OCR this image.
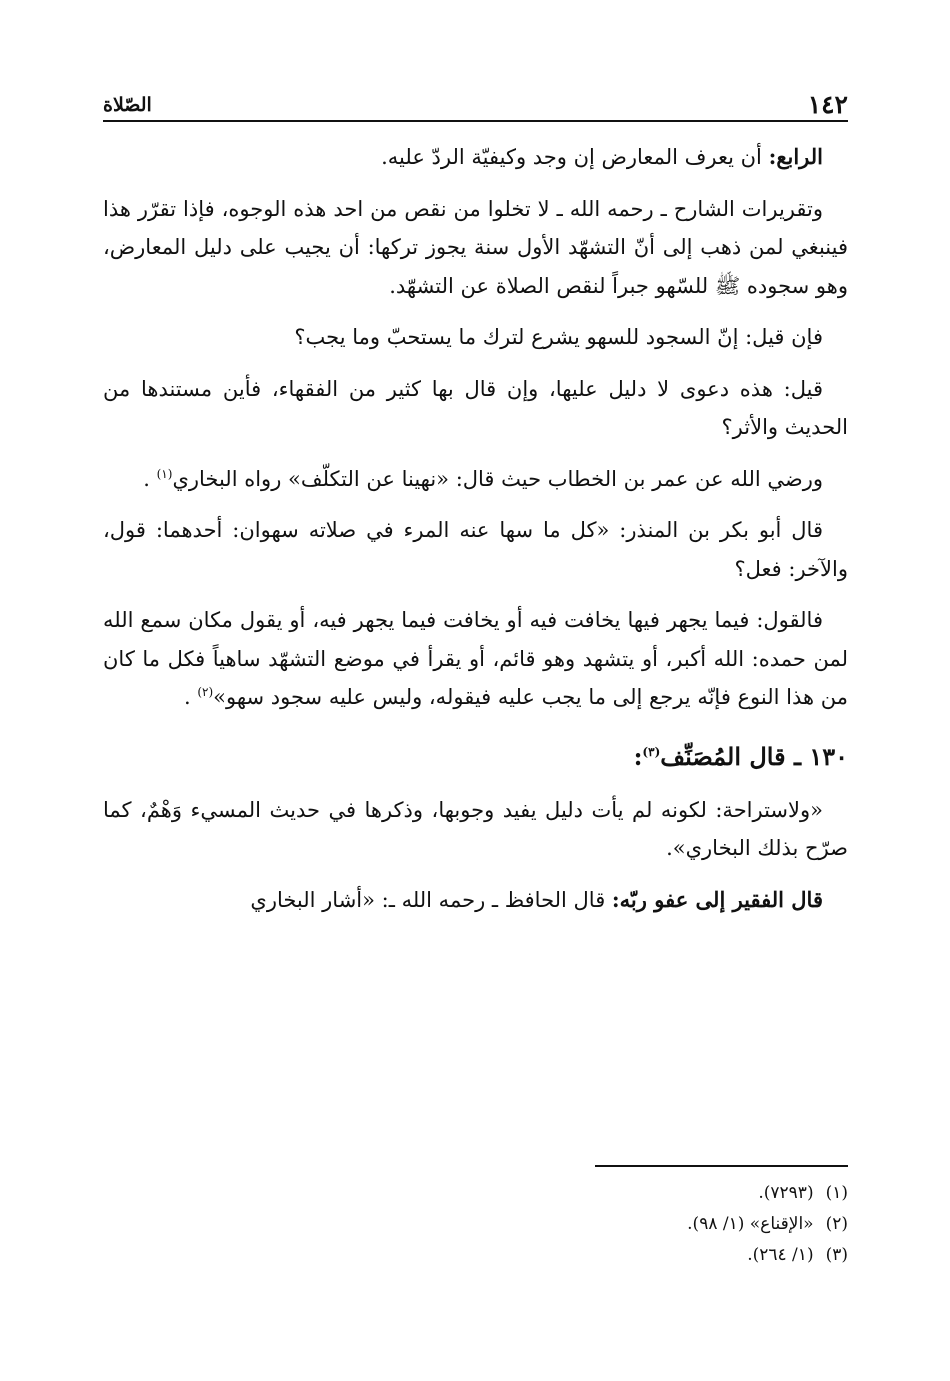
١٤٢
الصّلاة

الرابع: أن يعرف المعارض إن وجد وكيفيّة الردّ عليه.

وتقريرات الشارح ـ رحمه الله ـ لا تخلوا من نقص من احد هذه الوجوه، فإذا تقرّر هذا فينبغي لمن ذهب إلى أنّ التشهّد الأول سنة يجوز تركها: أن يجيب على دليل المعارض، وهو سجوده ﷺ للسّهو جبراً لنقص الصلاة عن التشهّد.

فإن قيل: إنّ السجود للسهو يشرع لترك ما يستحبّ وما يجب؟

قيل: هذه دعوى لا دليل عليها، وإن قال بها كثير من الفقهاء، فأين مستندها من الحديث والأثر؟

ورضي الله عن عمر بن الخطاب حيث قال: «نهينا عن التكلّف» رواه البخاري$^{(١)}$ .

قال أبو بكر بن المنذر: «كل ما سها عنه المرء في صلاته سهوان: أحدهما: قول، والآخر: فعل؟

فالقول: فيما يجهر فيها يخافت فيه أو يخافت فيما يجهر فيه، أو يقول مكان سمع الله لمن حمده: الله أكبر، أو يتشهد وهو قائم، أو يقرأ في موضع التشهّد ساهياً فكل ما كان من هذا النوع فإنّه يرجع إلى ما يجب عليه فيقوله، وليس عليه سجود سهو»$^{(٢)}$ .

١٣٠ ـ قال المُصَنِّف$^{(٣)}$:

«ولاستراحة: لكونه لم يأت دليل يفيد وجوبها، وذكرها في حديث المسيء وَهْمٌ، كما صرّح بذلك البخاري».

قال الفقير إلى عفو ربّه: قال الحافظ ـ رحمه الله ـ: «أشار البخاري

(١)(٧٢٩٣).
(٢)«الإقناع» (١/ ٩٨).
(٣)(١/ ٢٦٤).
